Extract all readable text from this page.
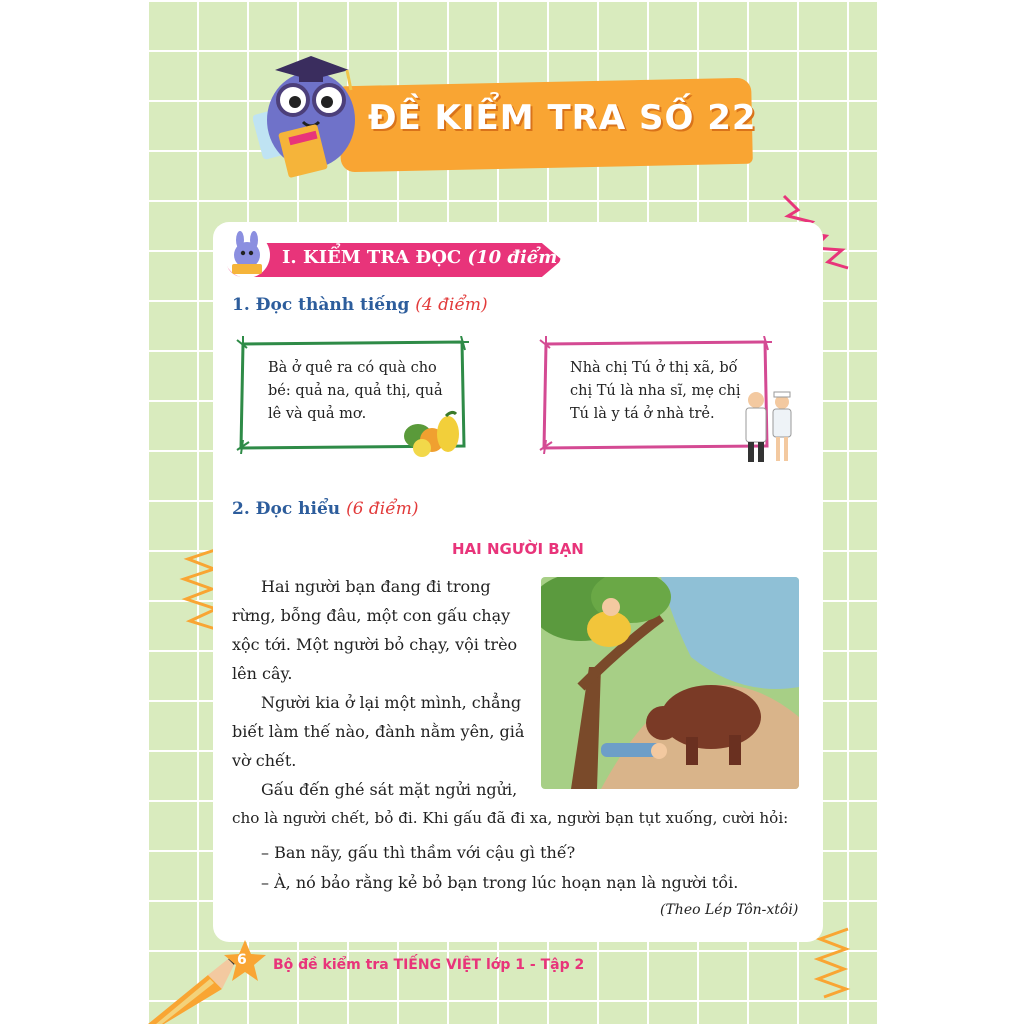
ĐỀ KIỂM TRA SỐ 22
I. KIỂM TRA ĐỌC (10 điểm)
1. Đọc thành tiếng (4 điểm)
Bà ở quê ra có quà cho
bé: quả na, quả thị, quả
lê và quả mơ.
Nhà chị Tú ở thị xã, bố
chị Tú là nha sĩ, mẹ chị
Tú là y tá ở nhà trẻ.
2. Đọc hiểu (6 điểm)
HAI NGƯỜI BẠN
Hai người bạn đang đi trong
rừng, bỗng đâu, một con gấu chạy
xộc tới. Một người bỏ chạy, vội trèo
lên cây.
Người kia ở lại một mình, chẳng
biết làm thế nào, đành nằm yên, giả
vờ chết.
Gấu đến ghé sát mặt ngửi ngửi,
cho là người chết, bỏ đi. Khi gấu đã đi xa, người bạn tụt xuống, cười hỏi:
– Ban nãy, gấu thì thầm với cậu gì thế?
– À, nó bảo rằng kẻ bỏ bạn trong lúc hoạn nạn là người tồi.
(Theo Lép Tôn-xtôi)
6 Bộ đề kiểm tra TIẾNG VIỆT lớp 1 - Tập 2
